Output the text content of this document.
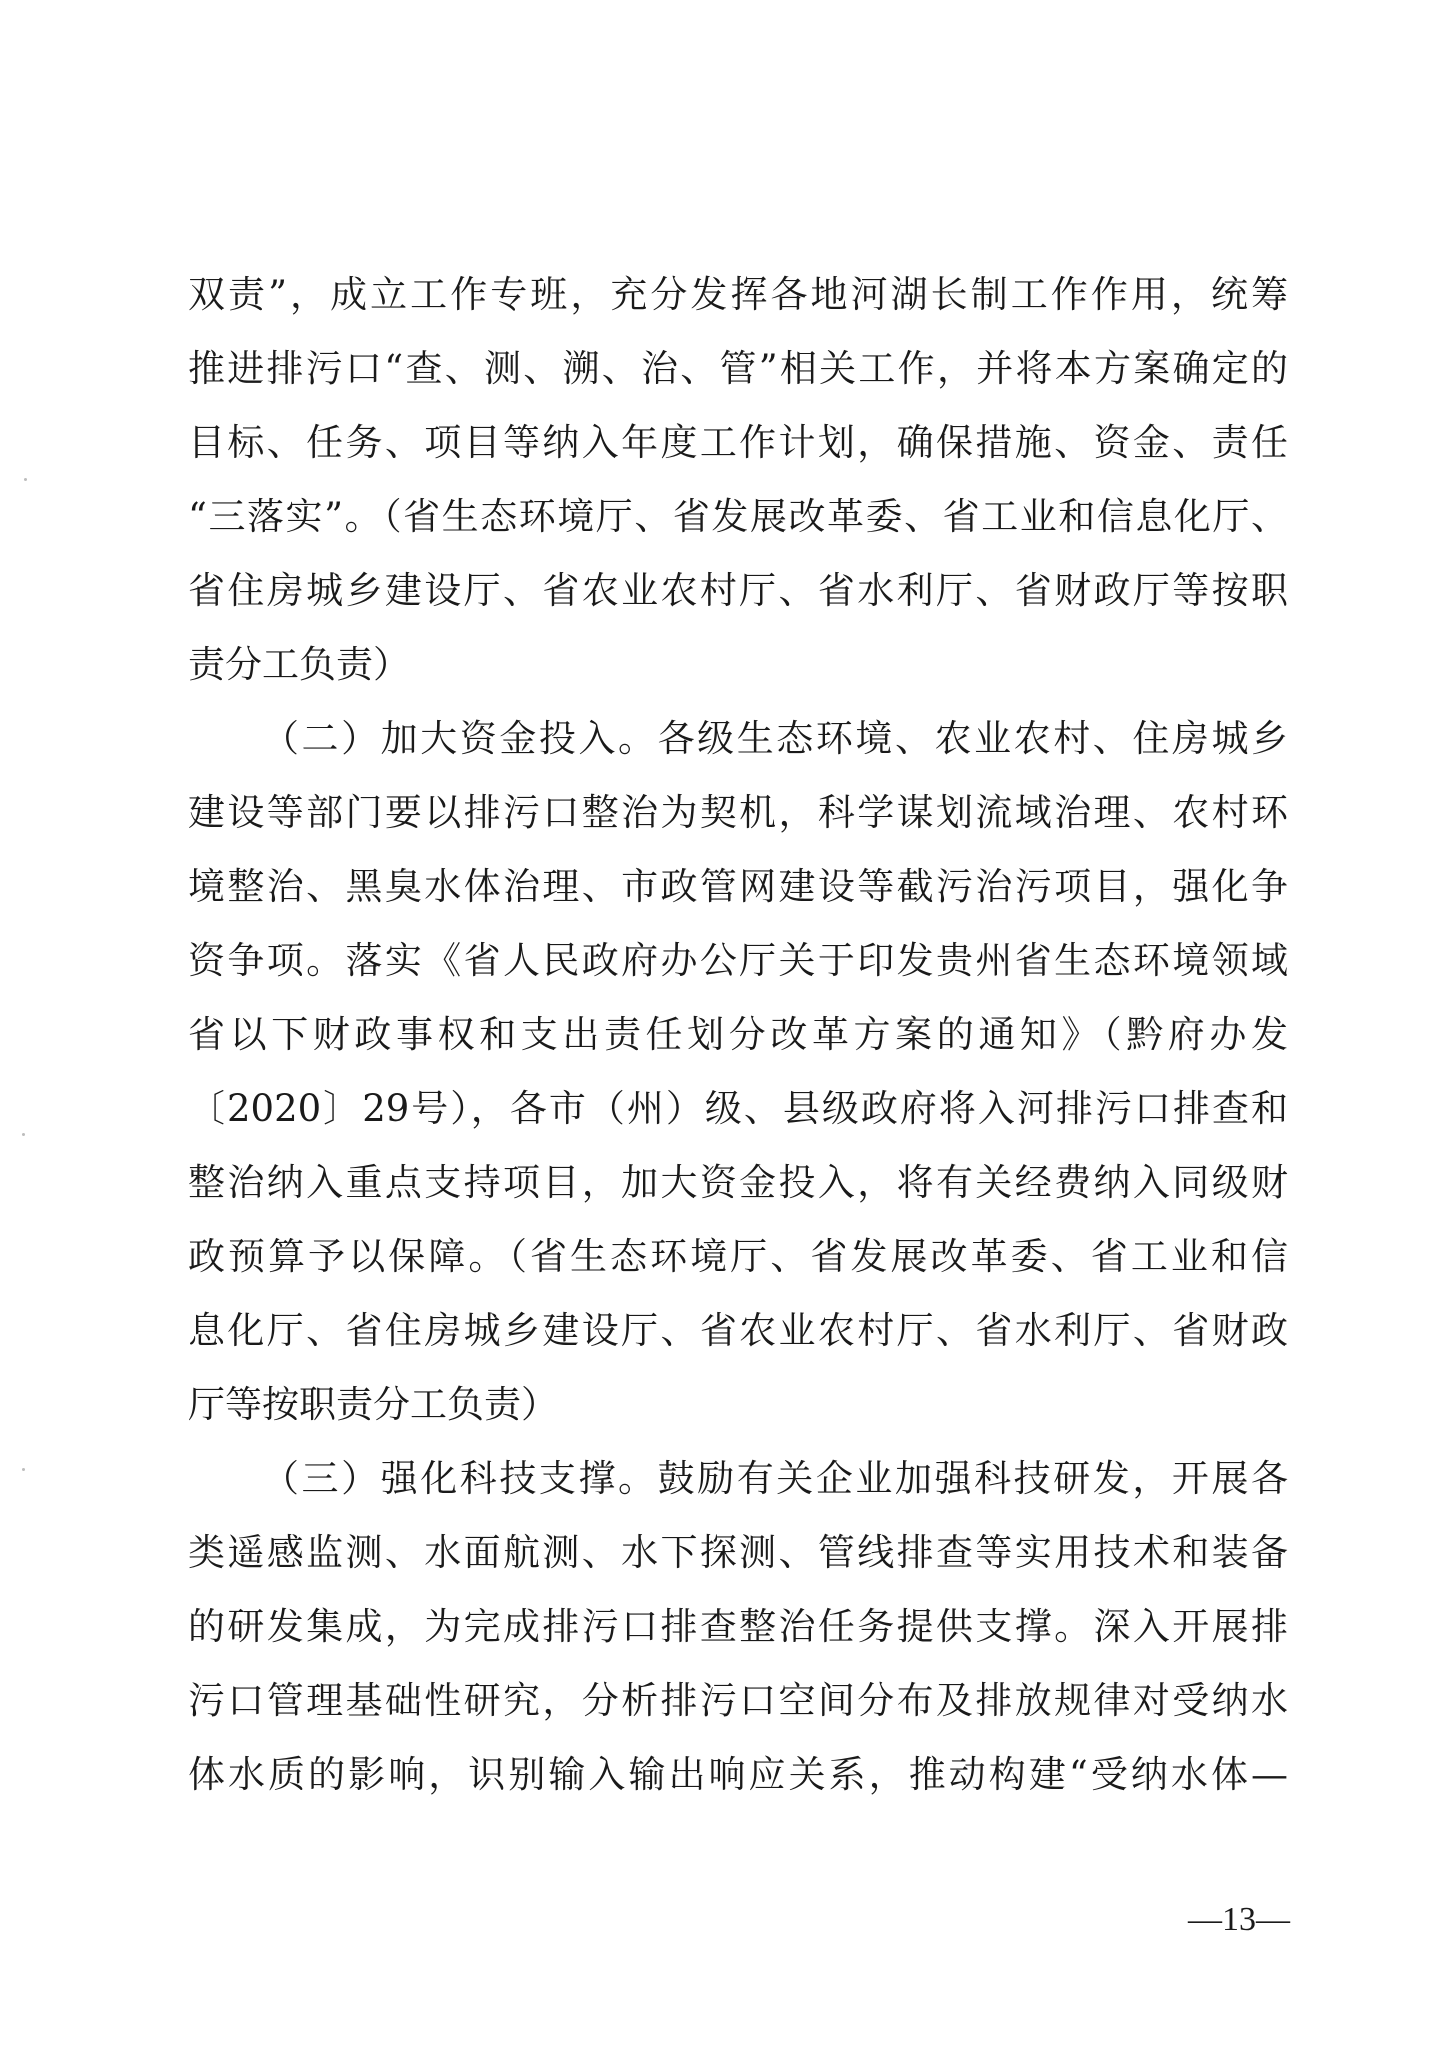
双责”，成立工作专班，充分发挥各地河湖长制工作作用，统筹
推进排污口“查、测、溯、治、管”相关工作，并将本方案确定的
目标、任务、项目等纳入年度工作计划，确保措施、资金、责任
“三落实”。（省生态环境厅、省发展改革委、省工业和信息化厅、
省住房城乡建设厅、省农业农村厅、省水利厅、省财政厅等按职
责分工负责）
（二）加大资金投入。各级生态环境、农业农村、住房城乡
建设等部门要以排污口整治为契机，科学谋划流域治理、农村环
境整治、黑臭水体治理、市政管网建设等截污治污项目，强化争
资争项。落实《省人民政府办公厅关于印发贵州省生态环境领域
省以下财政事权和支出责任划分改革方案的通知》（黔府办发
〔2020〕29号），各市（州）级、县级政府将入河排污口排查和
整治纳入重点支持项目，加大资金投入，将有关经费纳入同级财
政预算予以保障。（省生态环境厅、省发展改革委、省工业和信
息化厅、省住房城乡建设厅、省农业农村厅、省水利厅、省财政
厅等按职责分工负责）
（三）强化科技支撑。鼓励有关企业加强科技研发，开展各
类遥感监测、水面航测、水下探测、管线排查等实用技术和装备
的研发集成，为完成排污口排查整治任务提供支撑。深入开展排
污口管理基础性研究，分析排污口空间分布及排放规律对受纳水
体水质的影响，识别输入输出响应关系，推动构建“受纳水体—
—13—
